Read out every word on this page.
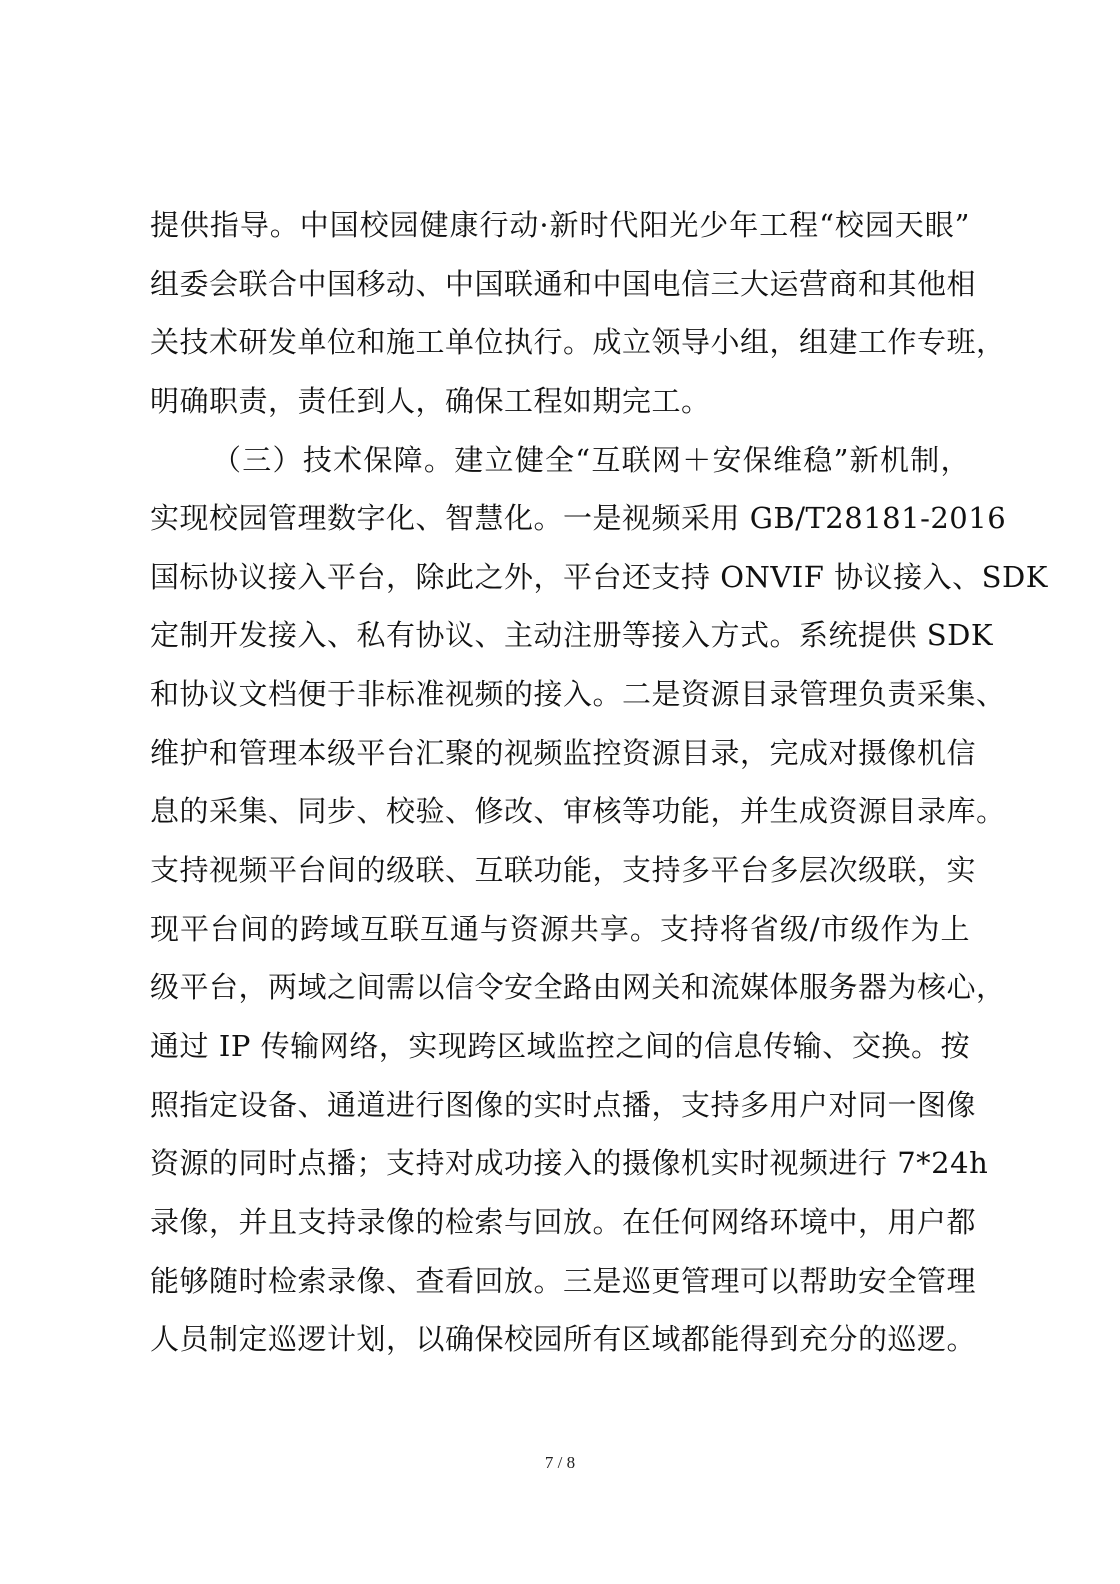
提供指导。中国校园健康行动·新时代阳光少年工程“校园天眼”
组委会联合中国移动、中国联通和中国电信三大运营商和其他相
关技术研发单位和施工单位执行。成立领导小组，组建工作专班，
明确职责，责任到人，确保工程如期完工。
（三）技术保障。建立健全“互联网＋安保维稳”新机制，
实现校园管理数字化、智慧化。一是视频采用 GB/T28181-2016
国标协议接入平台，除此之外，平台还支持 ONVIF 协议接入、SDK
定制开发接入、私有协议、主动注册等接入方式。系统提供 SDK
和协议文档便于非标准视频的接入。二是资源目录管理负责采集、
维护和管理本级平台汇聚的视频监控资源目录，完成对摄像机信
息的采集、同步、校验、修改、审核等功能，并生成资源目录库。
支持视频平台间的级联、互联功能，支持多平台多层次级联，实
现平台间的跨域互联互通与资源共享。支持将省级/市级作为上
级平台，两域之间需以信令安全路由网关和流媒体服务器为核心，
通过 IP 传输网络，实现跨区域监控之间的信息传输、交换。按
照指定设备、通道进行图像的实时点播，支持多用户对同一图像
资源的同时点播；支持对成功接入的摄像机实时视频进行 7*24h
录像，并且支持录像的检索与回放。在任何网络环境中，用户都
能够随时检索录像、查看回放。三是巡更管理可以帮助安全管理
人员制定巡逻计划，以确保校园所有区域都能得到充分的巡逻。
7 / 8
